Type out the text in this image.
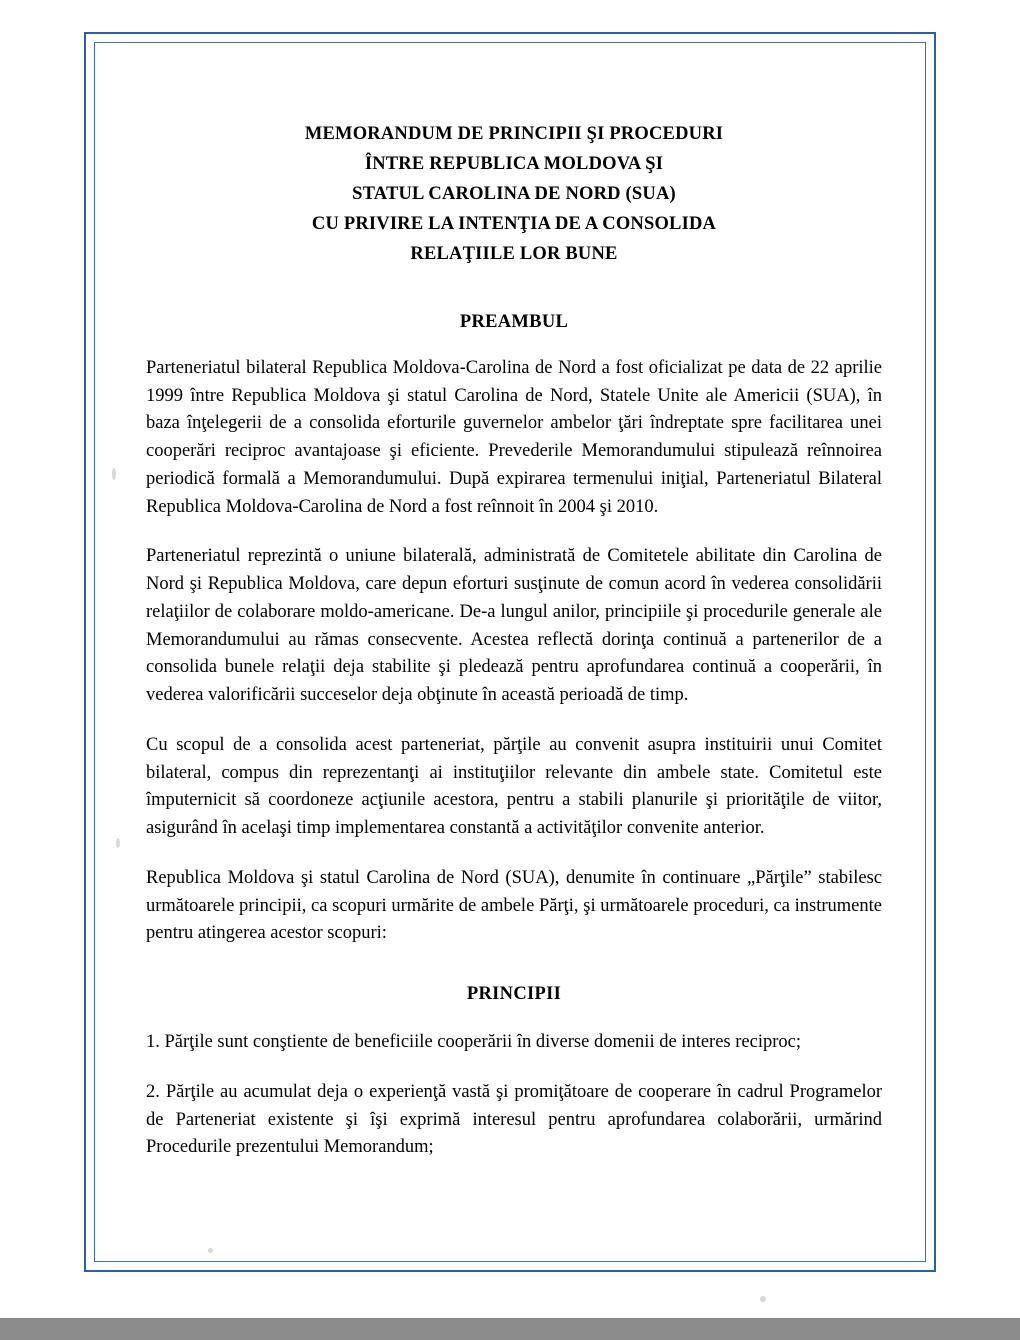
MEMORANDUM DE PRINCIPII ŞI PROCEDURI
ÎNTRE REPUBLICA MOLDOVA ŞI
STATUL CAROLINA DE NORD (SUA)
CU PRIVIRE LA INTENŢIA DE A CONSOLIDA
RELAŢIILE LOR BUNE
PREAMBUL

Parteneriatul bilateral Republica Moldova-Carolina de Nord a fost oficializat pe data de 22 aprilie 1999 între Republica Moldova şi statul Carolina de Nord, Statele Unite ale Americii (SUA), în baza înţelegerii de a consolida eforturile guvernelor ambelor ţări îndreptate spre facilitarea unei cooperări reciproc avantajoase şi eficiente. Prevederile Memorandumului stipulează reînnoirea periodică formală a Memorandumului. După expirarea termenului iniţial, Parteneriatul Bilateral Republica Moldova-Carolina de Nord a fost reînnoit în 2004 şi 2010.

Parteneriatul reprezintă o uniune bilaterală, administrată de Comitetele abilitate din Carolina de Nord şi Republica Moldova, care depun eforturi susţinute de comun acord în vederea consolidării relaţiilor de colaborare moldo-americane. De-a lungul anilor, principiile şi procedurile generale ale Memorandumului au rămas consecvente. Acestea reflectă dorinţa continuă a partenerilor de a consolida bunele relaţii deja stabilite şi pledează pentru aprofundarea continuă a cooperării, în vederea valorificării succeselor deja obţinute în această perioadă de timp.

Cu scopul de a consolida acest parteneriat, părţile au convenit asupra instituirii unui Comitet bilateral, compus din reprezentanţi ai instituţiilor relevante din ambele state. Comitetul este împuternicit să coordoneze acţiunile acestora, pentru a stabili planurile şi priorităţile de viitor, asigurând în acelaşi timp implementarea constantă a activităţilor convenite anterior.

Republica Moldova şi statul Carolina de Nord (SUA), denumite în continuare „Părţile” stabilesc următoarele principii, ca scopuri urmărite de ambele Părţi, şi următoarele proceduri, ca instrumente pentru atingerea acestor scopuri:

PRINCIPII

1. Părţile sunt conştiente de beneficiile cooperării în diverse domenii de interes reciproc;

2. Părţile au acumulat deja o experienţă vastă şi promiţătoare de cooperare în cadrul Programelor de Parteneriat existente şi îşi exprimă interesul pentru aprofundarea colaborării, urmărind Procedurile prezentului Memorandum;
